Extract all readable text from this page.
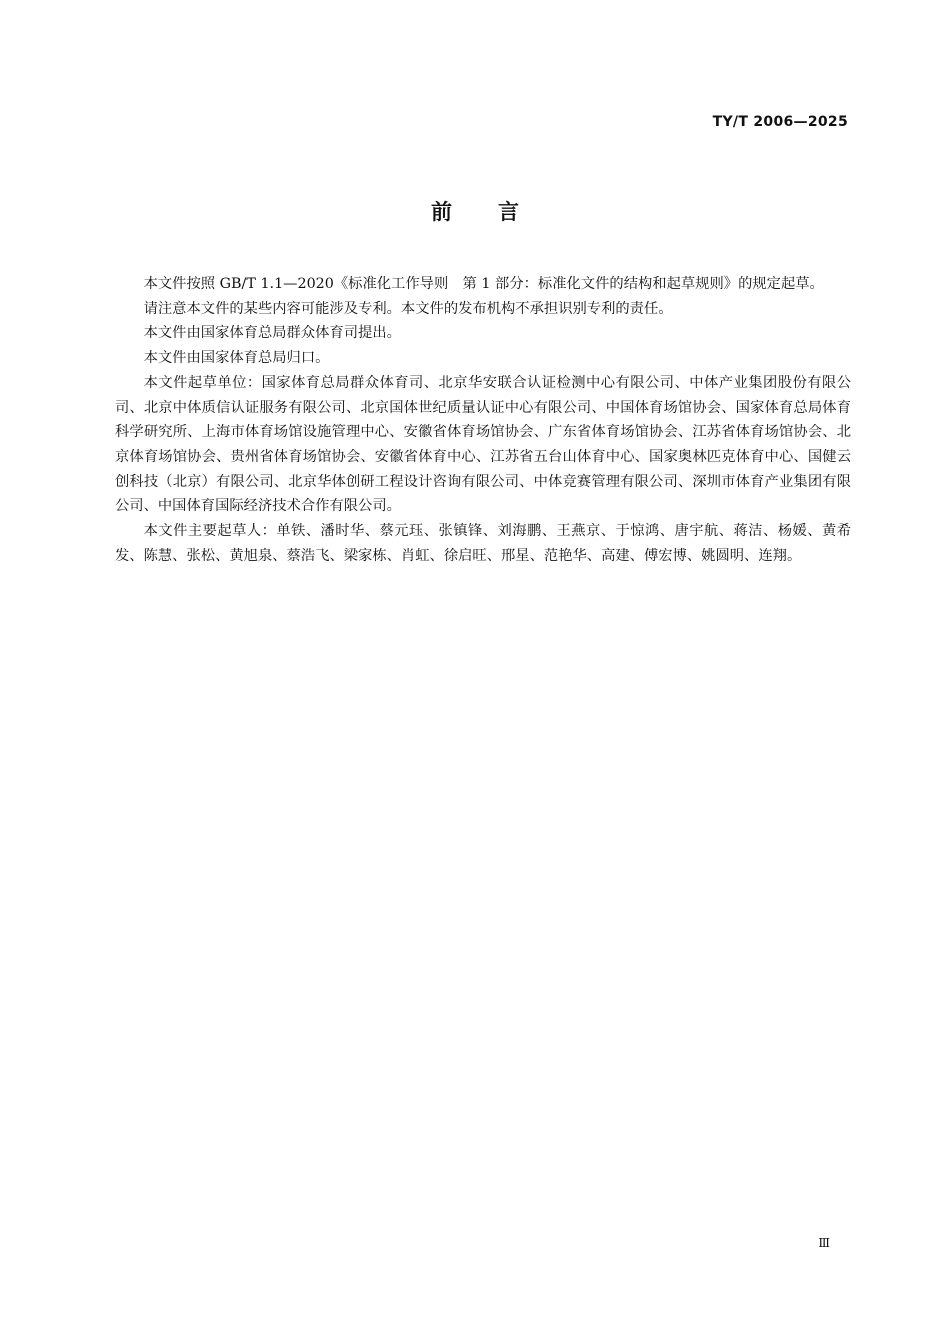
TY/T 2006—2025
前言

本文件按照 GB/T 1.1—2020《标准化工作导则　第 1 部分：标准化文件的结构和起草规则》的规定起草。

请注意本文件的某些内容可能涉及专利。本文件的发布机构不承担识别专利的责任。

本文件由国家体育总局群众体育司提出。

本文件由国家体育总局归口。

本文件起草单位：国家体育总局群众体育司、北京华安联合认证检测中心有限公司、中体产业集团股份有限公司、北京中体质信认证服务有限公司、北京国体世纪质量认证中心有限公司、中国体育场馆协会、国家体育总局体育科学研究所、上海市体育场馆设施管理中心、安徽省体育场馆协会、广东省体育场馆协会、江苏省体育场馆协会、北京体育场馆协会、贵州省体育场馆协会、安徽省体育中心、江苏省五台山体育中心、国家奥林匹克体育中心、国健云创科技（北京）有限公司、北京华体创研工程设计咨询有限公司、中体竞赛管理有限公司、深圳市体育产业集团有限公司、中国体育国际经济技术合作有限公司。

本文件主要起草人：单铁、潘时华、蔡元珏、张镇锋、刘海鹏、王燕京、于惊鸿、唐宇航、蒋洁、杨媛、黄希发、陈慧、张松、黄旭泉、蔡浩飞、梁家栋、肖虹、徐启旺、邢星、范艳华、高建、傅宏博、姚圆明、连翔。

Ⅲ
